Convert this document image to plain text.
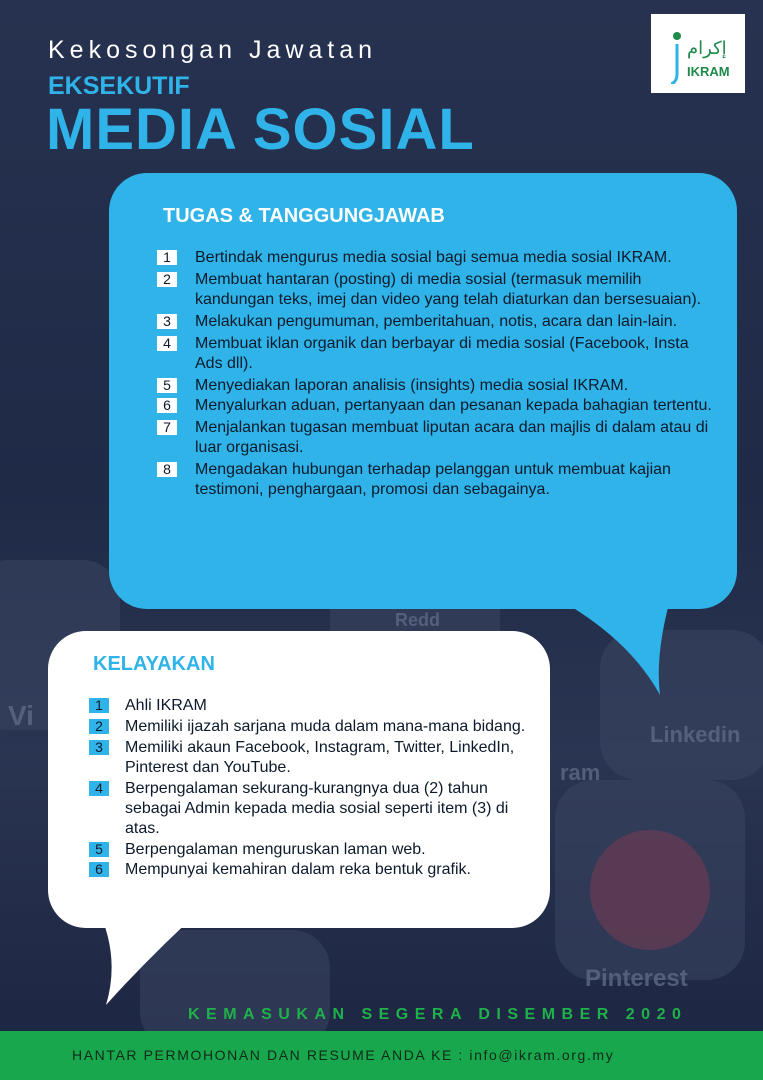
Vi
Redd
Linkedin
ram
Pinterest
إكرام
IKRAM
Kekosongan Jawatan
EKSEKUTIF
MEDIA SOSIAL
TUGAS & TANGGUNGJAWAB
1	Bertindak mengurus media sosial bagi semua media sosial IKRAM.
2	Membuat hantaran (posting) di media sosial (termasuk memilih kandungan teks, imej dan video yang telah diaturkan dan bersesuaian).
3	Melakukan pengumuman, pemberitahuan, notis, acara dan lain-lain.
4	Membuat iklan organik dan berbayar di media sosial (Facebook, Insta Ads dll).
5	Menyediakan laporan analisis (insights) media sosial IKRAM.
6	Menyalurkan aduan, pertanyaan dan pesanan kepada bahagian tertentu.
7	Menjalankan tugasan membuat liputan acara dan majlis di dalam atau di luar organisasi.
8	Mengadakan hubungan terhadap pelanggan untuk membuat kajian testimoni, penghargaan, promosi dan sebagainya.
KELAYAKAN
1	Ahli IKRAM
2	Memiliki ijazah sarjana muda dalam mana-mana bidang.
3	Memiliki akaun Facebook, Instagram, Twitter, LinkedIn, Pinterest dan YouTube.
4	Berpengalaman sekurang-kurangnya dua (2) tahun sebagai Admin kepada media sosial seperti item (3) di atas.
5	Berpengalaman menguruskan laman web.
6	Mempunyai kemahiran dalam reka bentuk grafik.
KEMASUKAN SEGERA DISEMBER 2020
HANTAR PERMOHONAN DAN RESUME ANDA KE : info@ikram.org.my
